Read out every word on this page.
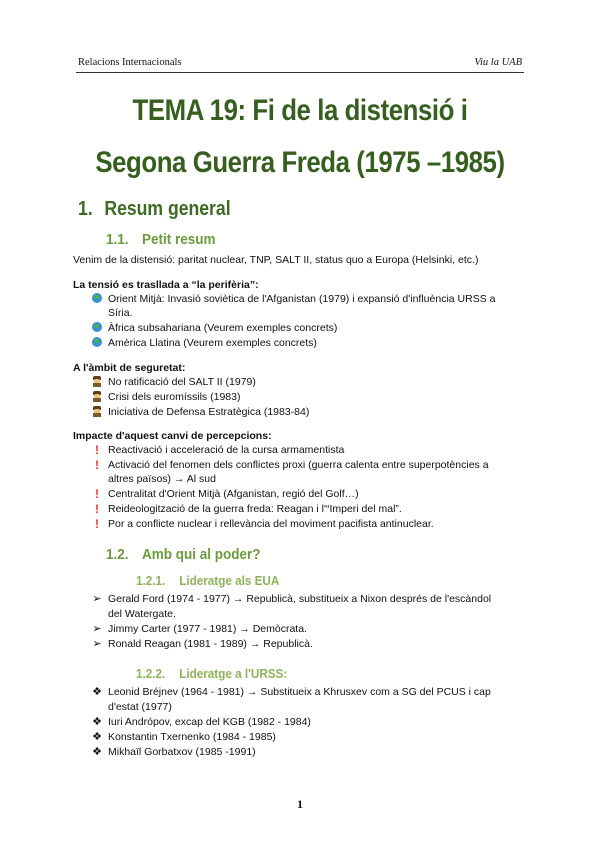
Relacions Internacionals	Viu la UAB
TEMA 19: Fi de la distensió i
Segona Guerra Freda (1975 –1985)
1. Resum general
1.1. Petit resum
Venim de la distensió: paritat nuclear, TNP, SALT II, status quo a Europa (Helsinki, etc.)
La tensió es trasllada a “la perifèria”:
Orient Mitjà: Invasió soviètica de l'Afganistan (1979) i expansió d'influència URSS a
Síria.
Àfrica subsahariana (Veurem exemples concrets)
Amèrica Llatina (Veurem exemples concrets)
A l'àmbit de seguretat:
No ratificació del SALT II (1979)
Crisi dels euromíssils (1983)
Iniciativa de Defensa Estratègica (1983-84)
Impacte d'aquest canvi de percepcions:
! Reactivació i acceleració de la cursa armamentista
! Activació del fenomen dels conflictes proxi (guerra calenta entre superpotències a
altres països) → Al sud
! Centralitat d'Orient Mitjà (Afganistan, regió del Golf…)
! Reideologització de la guerra freda: Reagan i l'“Imperi del mal”.
! Por a conflicte nuclear i rellevància del moviment pacifista antinuclear.
1.2. Amb qui al poder?
1.2.1. Lideratge als EUA
➢ Gerald Ford (1974 - 1977) → Republicà, substitueix a Nixon després de l'escàndol
del Watergate.
➢ Jimmy Carter (1977 - 1981) → Demòcrata.
➢ Ronald Reagan (1981 - 1989) → Republicà.
1.2.2. Lideratge a l'URSS:
❖ Leonid Bréjnev (1964 - 1981) → Substitueix a Khrusxev com a SG del PCUS i cap
d'estat (1977)
❖ Iuri Andrópov, excap del KGB (1982 - 1984)
❖ Konstantin Txernenko (1984 - 1985)
❖ Mikhaïl Gorbatxov (1985 -1991)
1
